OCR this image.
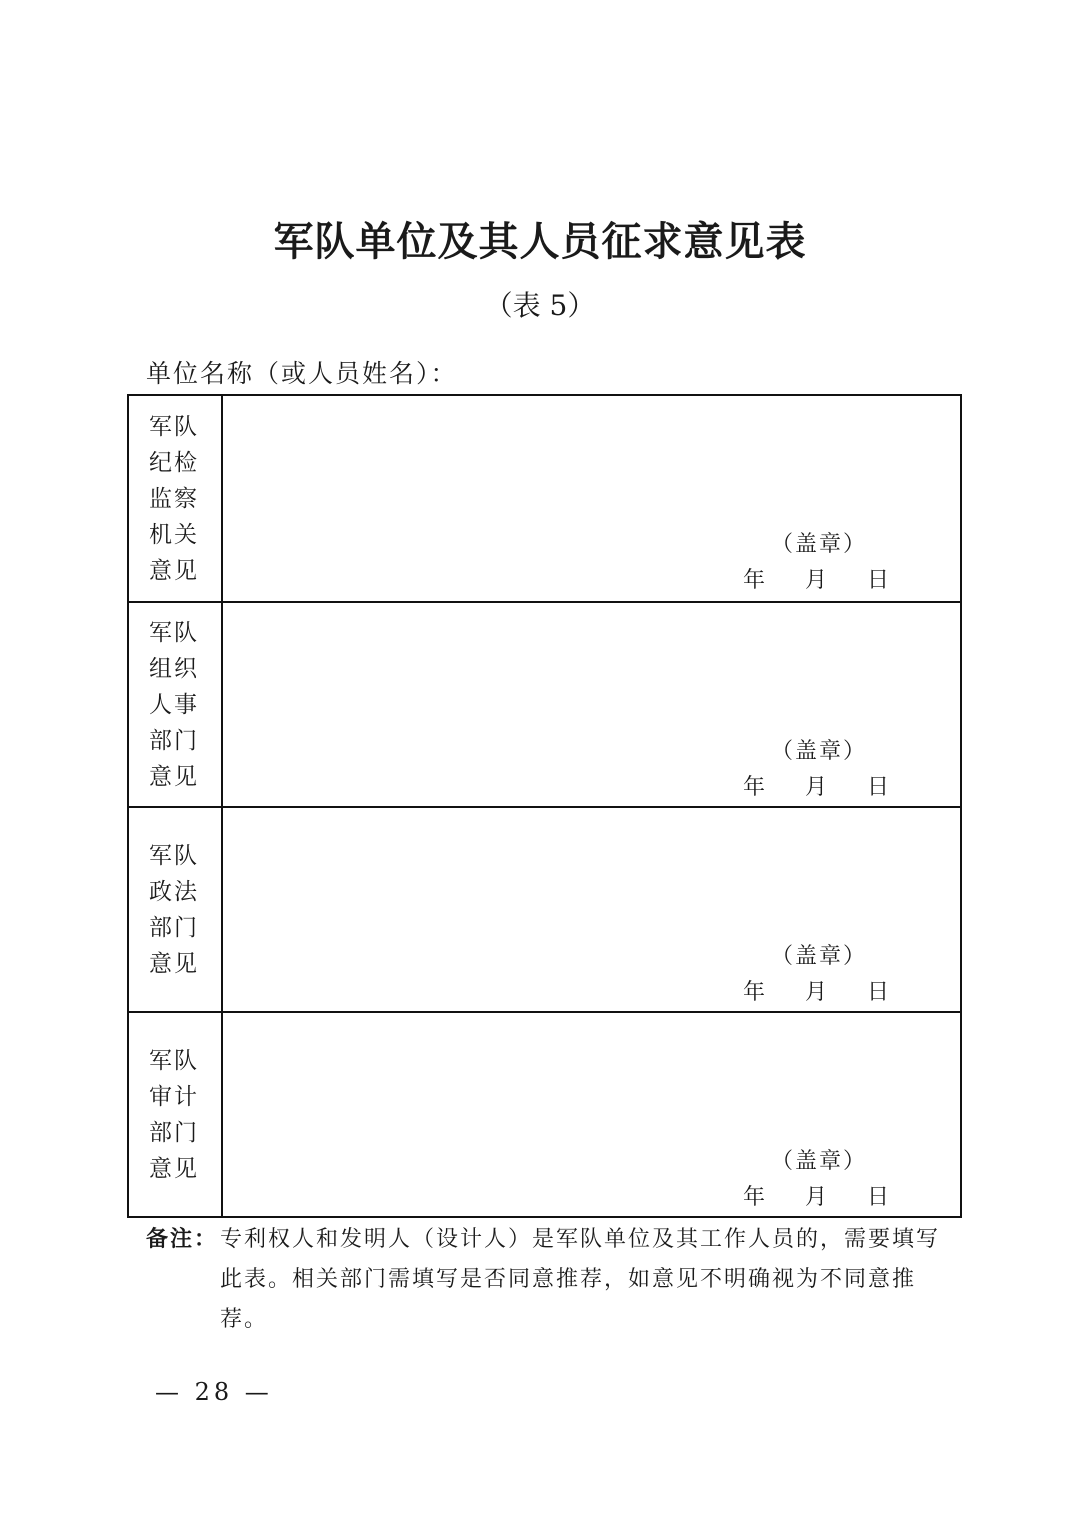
军队单位及其人员征求意见表
（表 5）
单位名称（或人员姓名）：
军队纪检监察机关意见
（盖章）
年 月 日
军队组织人事部门意见
（盖章）
年 月 日
军队政法部门意见	（盖章）
年 月 日
军队审计部门意见	（盖章）
年 月 日
备注： 专利权人和发明人（设计人）是军队单位及其工作人员的，需要填写此表。相关部门需填写是否同意推荐，如意见不明确视为不同意推荐。
— 28 —
